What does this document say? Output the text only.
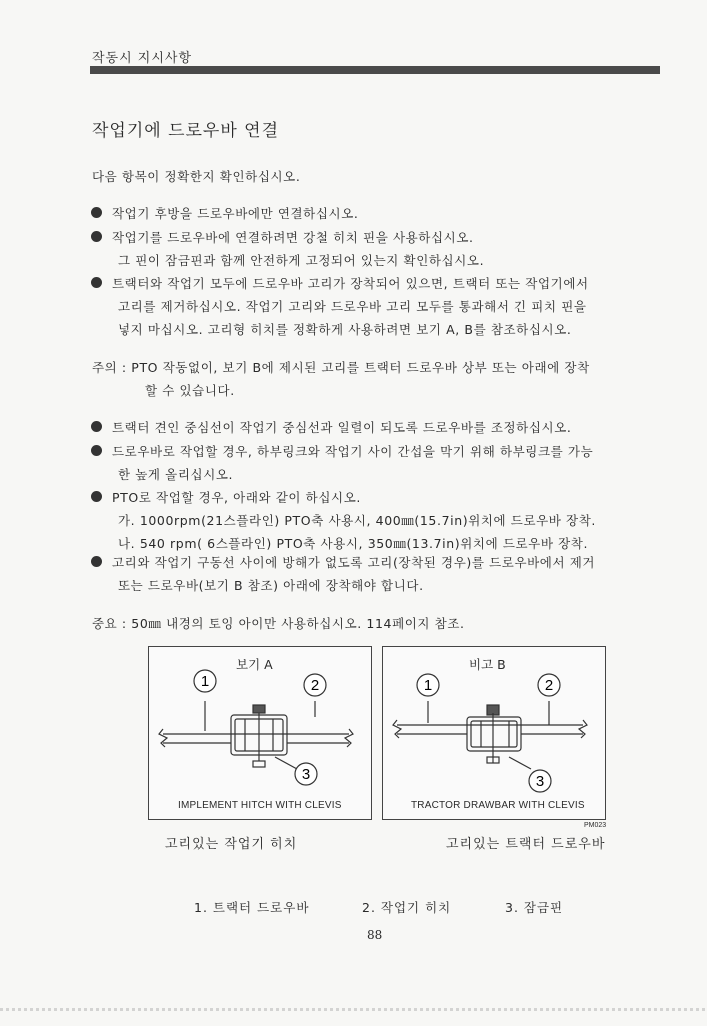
작동시 지시사항
작업기에 드로우바 연결
다음 항목이 정확한지 확인하십시오.
작업기 후방을 드로우바에만 연결하십시오.
작업기를 드로우바에 연결하려면 강철 히치 핀을 사용하십시오.
그 핀이 잠금핀과 함께 안전하게 고정되어 있는지 확인하십시오.
트랙터와 작업기 모두에 드로우바 고리가 장착되어 있으면, 트랙터 또는 작업기에서
고리를 제거하십시오. 작업기 고리와 드로우바 고리 모두를 통과해서 긴 피치 핀을
넣지 마십시오. 고리형 히치를 정확하게 사용하려면 보기 A, B를 참조하십시오.
주의 : PTO 작동없이, 보기 B에 제시된 고리를 트랙터 드로우바 상부 또는 아래에 장착
할 수 있습니다.
트랙터 견인 중심선이 작업기 중심선과 일렬이 되도록 드로우바를 조정하십시오.
드로우바로 작업할 경우, 하부링크와 작업기 사이 간섭을 막기 위해 하부링크를 가능
한 높게 올리십시오.
PTO로 작업할 경우, 아래와 같이 하십시오.
가. 1000rpm(21스플라인) PTO축 사용시, 400㎜(15.7in)위치에 드로우바 장착.
나. 540 rpm( 6스플라인) PTO축 사용시, 350㎜(13.7in)위치에 드로우바 장착.
고리와 작업기 구동선 사이에 방해가 없도록 고리(장착된 경우)를 드로우바에서 제거
또는 드로우바(보기 B 참조) 아래에 장착해야 합니다.
중요 : 50㎜ 내경의 토잉 아이만 사용하십시오. 114페이지 참조.
1	2
3
보기 A
IMPLEMENT HITCH WITH CLEVIS
1	2
3
비고 B
TRACTOR DRAWBAR WITH CLEVIS
PM023
고리있는 작업기 히치	고리있는 트랙터 드로우바
1. 트랙터 드로우바	2. 작업기 히치	3. 잠금핀
88
